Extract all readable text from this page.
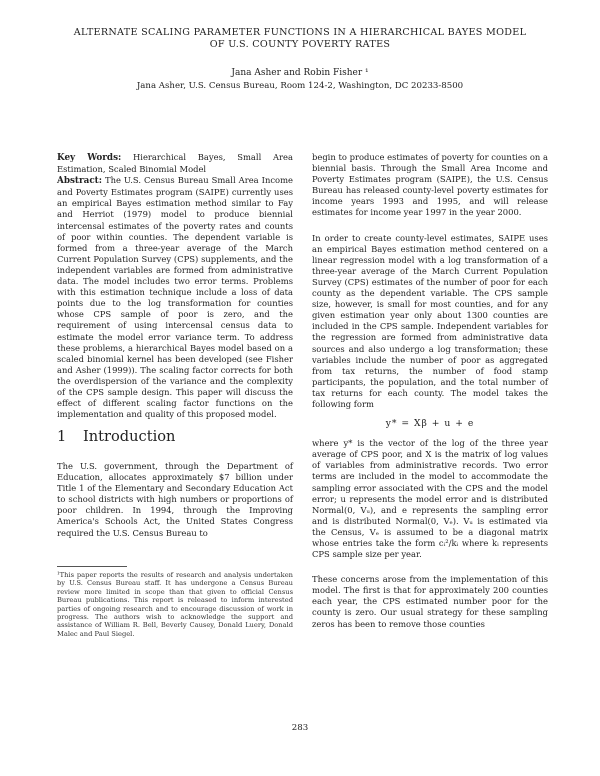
ALTERNATE SCALING PARAMETER FUNCTIONS IN A HIERARCHICAL BAYES MODEL
OF U.S. COUNTY POVERTY RATES
Jana Asher and Robin Fisher ¹
Jana Asher, U.S. Census Bureau, Room 124-2, Washington, DC 20233-8500

Key Words: Hierarchical Bayes, Small Area Estimation, Scaled Binomial Model

Abstract: The U.S. Census Bureau Small Area Income and Poverty Estimates program (SAIPE) currently uses an empirical Bayes estimation method similar to Fay and Herriot (1979) model to produce biennial intercensal estimates of the poverty rates and counts of poor within counties. The dependent variable is formed from a three-year average of the March Current Population Survey (CPS) supplements, and the independent variables are formed from administrative data. The model includes two error terms. Problems with this estimation technique include a loss of data points due to the log transformation for counties whose CPS sample of poor is zero, and the requirement of using intercensal census data to estimate the model error variance term. To address these problems, a hierarchical Bayes model based on a scaled binomial kernel has been developed (see Fisher and Asher (1999)). The scaling factor corrects for both the overdispersion of the variance and the complexity of the CPS sample design. This paper will discuss the effect of different scaling factor functions on the implementation and quality of this proposed model.

1 Introduction
The U.S. government, through the Department of Education, allocates approximately $7 billion under Title 1 of the Elementary and Secondary Education Act to school districts with high numbers or proportions of poor children. In 1994, through the Improving America's Schools Act, the United States Congress required the U.S. Census Bureau to
¹This paper reports the results of research and analysis undertaken by U.S. Census Bureau staff. It has undergone a Census Bureau review more limited in scope than that given to official Census Bureau publications. This report is released to inform interested parties of ongoing research and to encourage discussion of work in progress. The authors wish to acknowledge the support and assistance of William R. Bell, Beverly Causey, Donald Luery, Donald Malec and Paul Siegel.

begin to produce estimates of poverty for counties on a biennial basis. Through the Small Area Income and Poverty Estimates program (SAIPE), the U.S. Census Bureau has released county-level poverty estimates for income years 1993 and 1995, and will release estimates for income year 1997 in the year 2000.

In order to create county-level estimates, SAIPE uses an empirical Bayes estimation method centered on a linear regression model with a log transformation of a three-year average of the March Current Population Survey (CPS) estimates of the number of poor for each county as the dependent variable. The CPS sample size, however, is small for most counties, and for any given estimation year only about 1300 counties are included in the CPS sample. Independent variables for the regression are formed from administrative data sources and also undergo a log transformation; these variables include the number of poor as aggregated from tax returns, the number of food stamp participants, the population, and the total number of tax returns for each county. The model takes the following form

y* = Xβ + u + e

where y* is the vector of the log of the three year average of CPS poor, and X is the matrix of log values of variables from administrative records. Two error terms are included in the model to accommodate the sampling error associated with the CPS and the model error; u represents the model error and is distributed Normal(0, Vᵤ), and e represents the sampling error and is distributed Normal(0, Vₑ). Vᵤ is estimated via the Census, Vₑ is assumed to be a diagonal matrix whose entries take the form cᵢ²/kᵢ where kᵢ represents CPS sample size per year.

These concerns arose from the implementation of this model. The first is that for approximately 200 counties each year, the CPS estimated number poor for the county is zero. Our usual strategy for these sampling zeros has been to remove those counties

283
